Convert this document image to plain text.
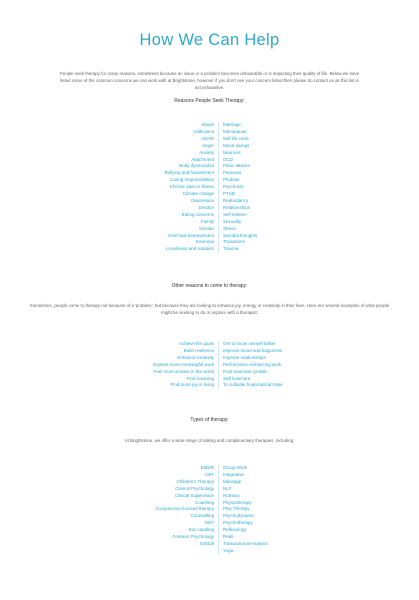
How We Can Help
People seek therapy for many reasons, sometimes because an issue or a problem becomes unbearable or is impacting their quality of life. Below we have listed some of the common concerns we can work with at Brightstone, however if you don't see your concern listed then please do contact us as this list is not exhaustive.
Reasons People Seek Therapy:
Abuse
Addictions
ADHD
Anger
Anxiety
Attachment
Body dysmorphia
Bullying and harassment
Caring responsibilities
Chronic pain or illness
Climate change
Depression
Divorce
Eating concerns
Family
Gender
Grief and bereavement
Insomnia
Loneliness and isolation
Marriage
Menopause
Mid life crisis
Mood swings
Neurosis
OCD
Panic attacks
Paranoia
Phobias
Psychosis
PTSD
Redundancy
Relationships
Self esteem
Sexuality
Stress
Suicidal thoughts
Transitions
Trauma
Other reasons to come to therapy:
Sometimes, people come to therapy not because of a 'problem', but because they are looking to enhance joy, energy or creativity in their lives. Here are several examples of what people might be seeking to do or explore with a therapist:
Achieve life goals
Build resilience
Enhance creativity
Explore more meaningful work
Feel more at ease in the world
Find meaning
Find more joy in living
Get to know oneself better
Improve mood and happiness
Improve relationships
Performance enhancing work
Post-traumatic growth
Self love/care
To cultivate hope/radical hope
Types of therapy:
At Brightstone, we offer a wide-range of talking and complimentary therapies, including:
EMDR
CBT
Children's Therapy
Clinical Psychology
Clinical Supervision
Coaching
Compassion focused therapy
Counselling
DBT
Ear candling
Forensic Psychology
Gestalt
Group Work
Integrative
Massage
NLP
Nutrition
Physiotherapy
Play Therapy
Psychodynamic
Psychotherapy
Reflexology
Reiki
Transactional Analysis
Yoga
